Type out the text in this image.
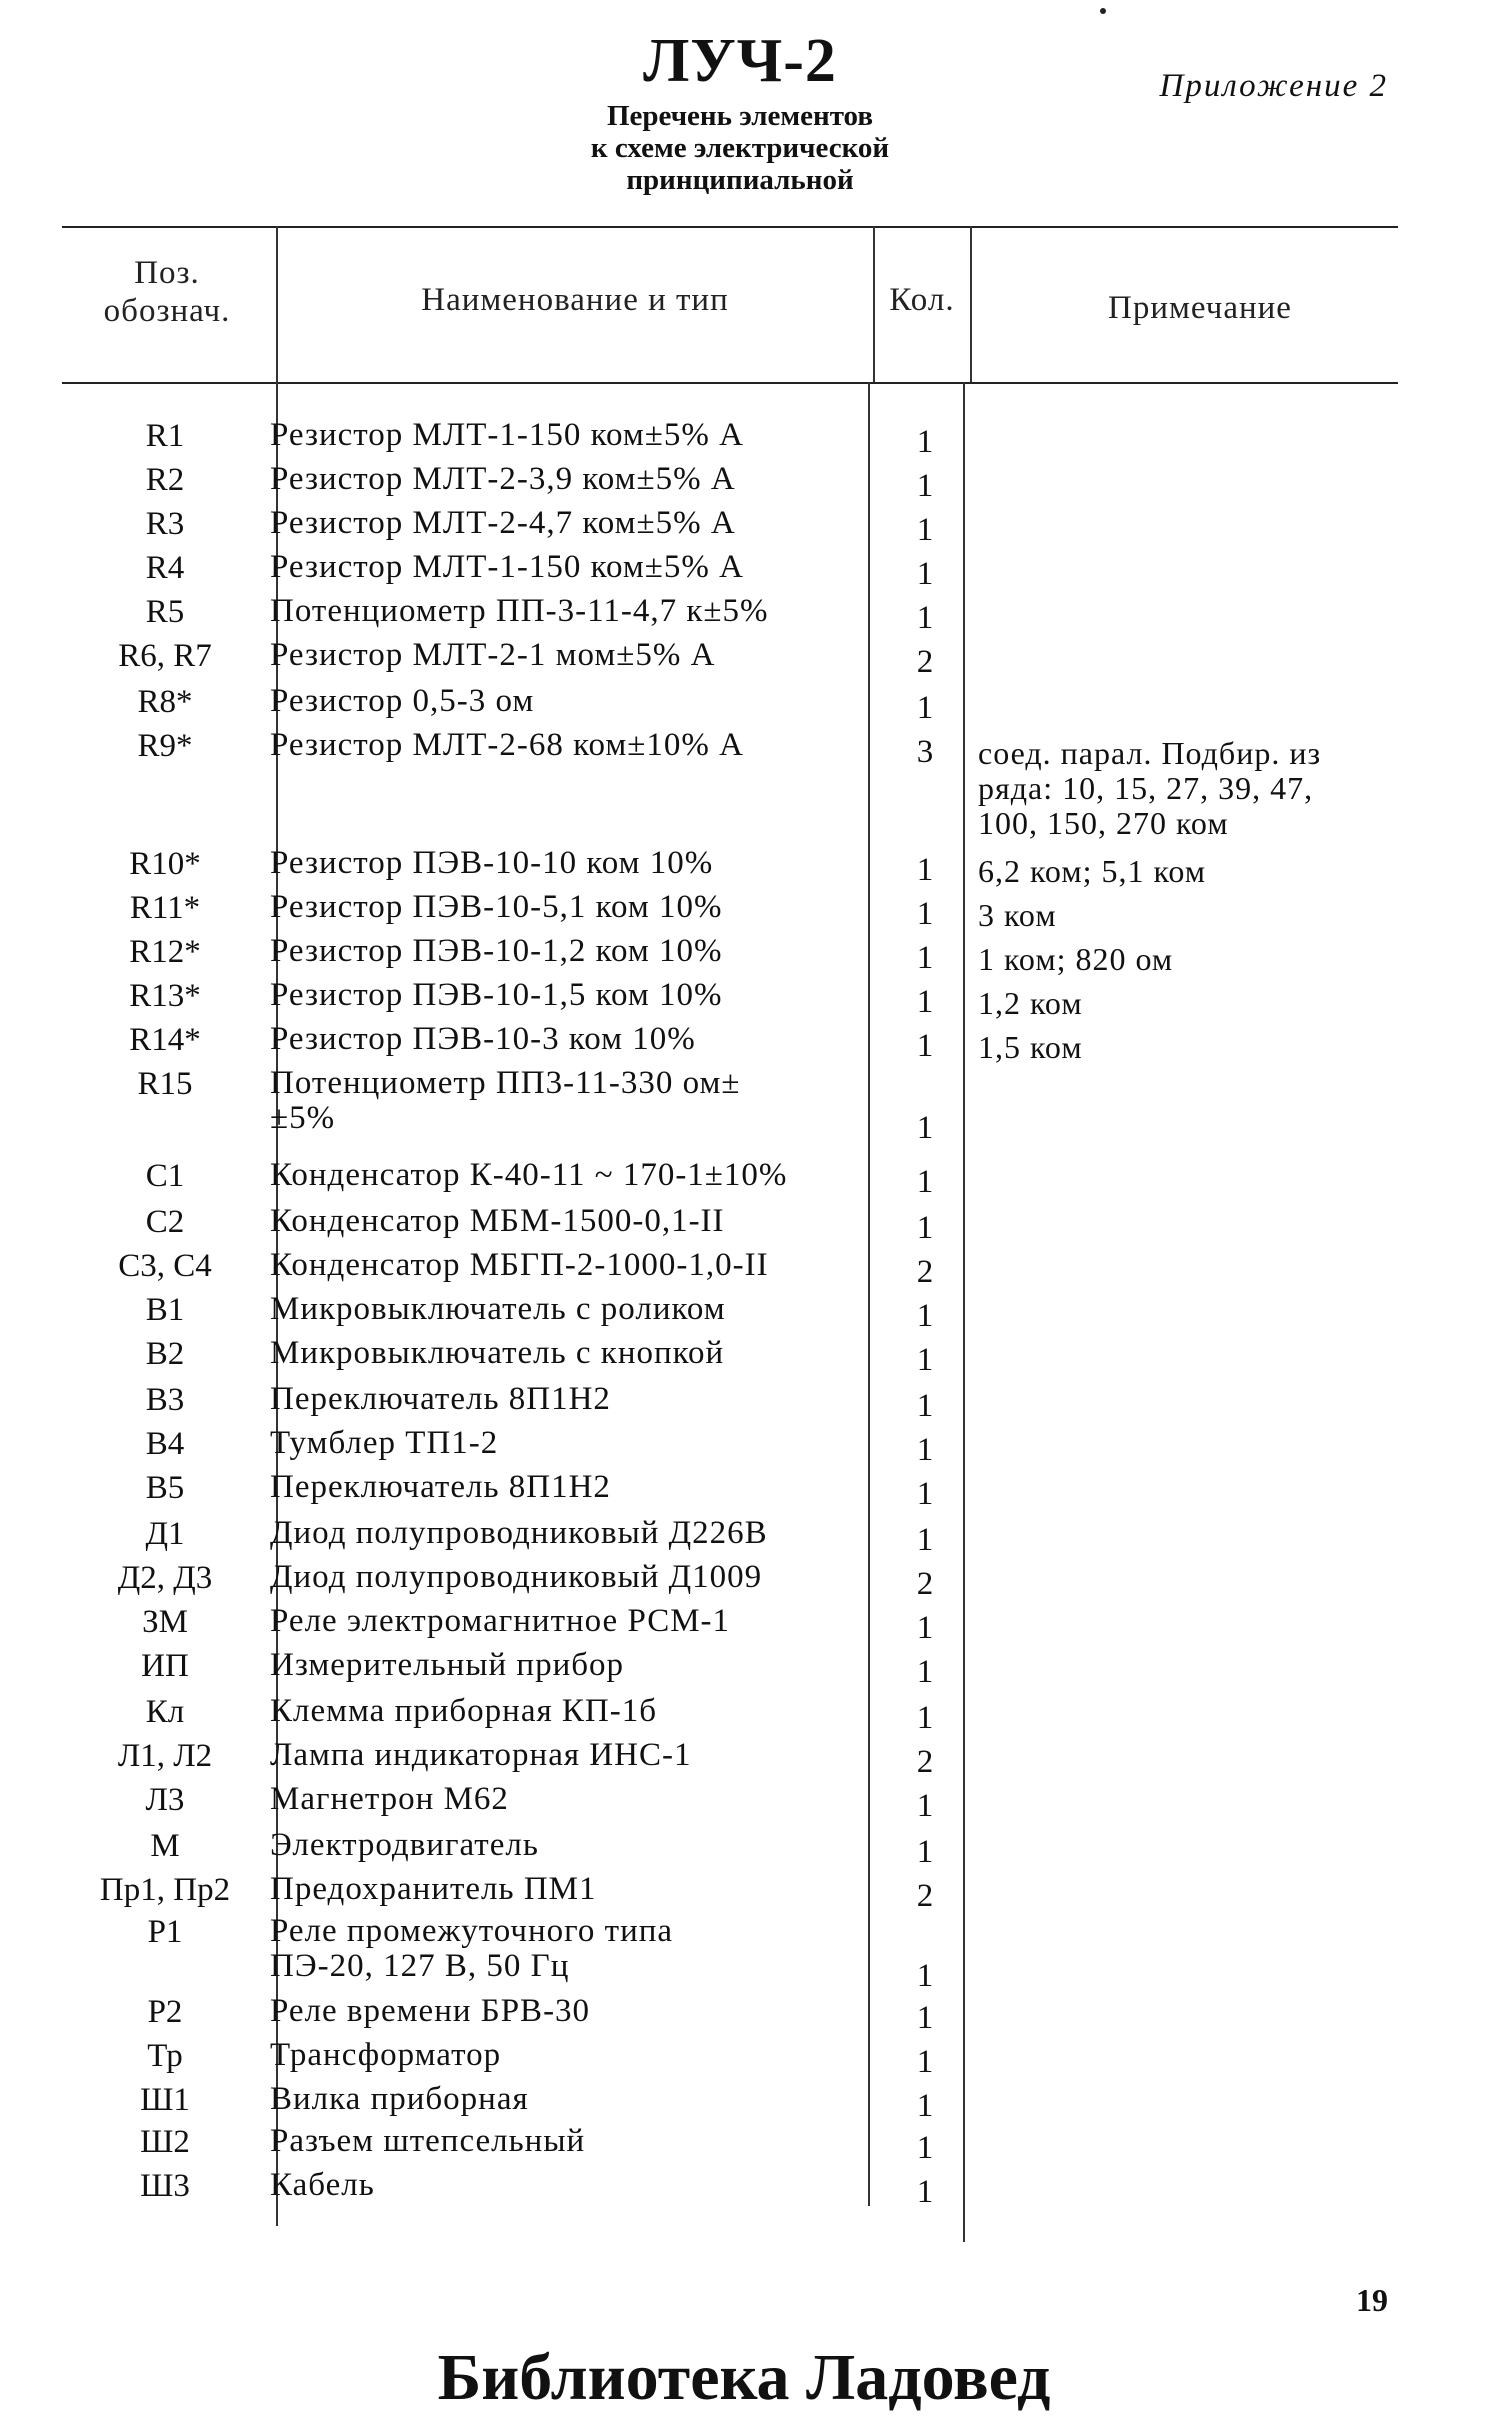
ЛУЧ-2	Приложение 2
Перечень элементов
к схеме электрической
принципиальной
Поз.
обознач.	Наименование и тип	Кол.	Примечание
R1	Резистор МЛТ-1-150 ком±5% А	1
R2	Резистор МЛТ-2-3,9 ком±5% А	1
R3	Резистор МЛТ-2-4,7 ком±5% А	1
R4	Резистор МЛТ-1-150 ком±5% А	1
R5	Потенциометр ПП-3-11-4,7 к±5%	1
R6, R7	Резистор МЛТ-2-1 мом±5% А	2
R8*	Резистор 0,5-3 ом	1
R9*	Резистор МЛТ-2-68 ком±10% А	3	соед. парал. Подбир. из
ряда: 10, 15, 27, 39, 47,
100, 150, 270 ком
R10*	Резистор ПЭВ-10-10 ком 10%	1	6,2 ком; 5,1 ком
R11*	Резистор ПЭВ-10-5,1 ком 10%	1	3 ком
R12*	Резистор ПЭВ-10-1,2 ком 10%	1	1 ком; 820 ом
R13*	Резистор ПЭВ-10-1,5 ком 10%	1	1,2 ком
R14*	Резистор ПЭВ-10-3 ком 10%	1	1,5 ком
R15	Потенциометр ПП3-11-330 ом±
±5%	1
C1	Конденсатор К-40-11 ~ 170-1±10%	1
C2	Конденсатор МБМ-1500-0,1-II	1
C3, C4	Конденсатор МБГП-2-1000-1,0-II	2
B1	Микровыключатель с роликом	1
B2	Микровыключатель с кнопкой	1
B3	Переключатель 8П1Н2	1
B4	Тумблер ТП1-2	1
B5	Переключатель 8П1Н2	1
Д1	Диод полупроводниковый Д226В	1
Д2, Д3	Диод полупроводниковый Д1009	2
ЗМ	Реле электромагнитное РСМ-1	1
ИП	Измерительный прибор	1
Кл	Клемма приборная КП-1б	1
Л1, Л2	Лампа индикаторная ИНС-1	2
Л3	Магнетрон М62	1
М	Электродвигатель	1
Пр1, Пр2	Предохранитель ПМ1	2
Р1	Реле промежуточного типа
ПЭ-20, 127 В, 50 Гц	1
Р2	Реле времени БРВ-30	1
Тр	Трансформатор	1
Ш1	Вилка приборная	1
Ш2	Разъем штепсельный	1
Ш3	Кабель	1
19
Библиотека Ладовед
